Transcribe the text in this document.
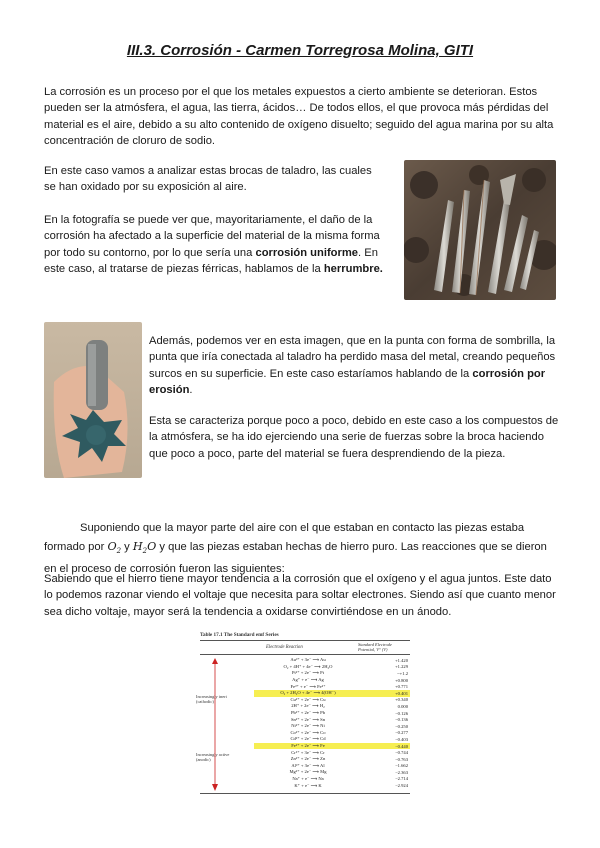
III.3. Corrosión - Carmen Torregrosa Molina, GITI
La corrosión es un proceso por el que los metales expuestos a cierto ambiente se deterioran. Estos pueden ser la atmósfera, el agua, las tierra, ácidos… De todos ellos, el que provoca más pérdidas del material es el aire, debido a su alto contenido de oxígeno disuelto; seguido del agua marina por su alta concentración de cloruro de sodio.
En este caso vamos a analizar estas brocas de taladro, las cuales se han oxidado por su exposición al aire.
En la fotografía se puede ver que, mayoritariamente, el daño de la corrosión ha afectado a la superficie del material de la misma forma por todo su contorno, por lo que sería una corrosión uniforme. En este caso, al tratarse de piezas férricas, hablamos de la herrumbre.
Además, podemos ver en esta imagen, que en la punta con forma de sombrilla, la punta que iría conectada al taladro ha perdido masa del metal, creando pequeños surcos en su superficie. En este caso estaríamos hablando de la corrosión por erosión.
Esta se caracteriza porque poco a poco, debido en este caso a los compuestos de la atmósfera, se ha ido ejerciendo una serie de fuerzas sobre la broca haciendo que poco a poco, parte del material se fuera desprendiendo de la pieza.
Suponiendo que la mayor parte del aire con el que estaban en contacto las piezas estaba formado por $O_2$ y $H_2O$ y que las piezas estaban hechas de hierro puro. Las reacciones que se dieron en el proceso de corrosión fueron las siguientes:
Sabiendo que el hierro tiene mayor tendencia a la corrosión que el oxígeno y el agua juntos. Este dato lo podemos razonar viendo el voltaje que necesita para soltar electrones. Siendo así que cuanto menor sea dicho voltaje, mayor será la tendencia a oxidarse convirtiéndose en un ánodo.
Table 17.1 The Standard emf Series
Electrode Reaction
Standard Electrode Potential, V° (V)
Increasingly inert (cathodic)
Increasingly active (anodic)
Au³⁺ + 3e⁻ ⟶ Au	+1.420
O₂ + 4H⁺ + 4e⁻ ⟶ 2H₂O	+1.229
Pt²⁺ + 2e⁻ ⟶ Pt	~+1.2
Ag⁺ + e⁻ ⟶ Ag	+0.800
Fe³⁺ + e⁻ ⟶ Fe²⁺	+0.771
O₂ + 2H₂O + 4e⁻ ⟶ 4(OH⁻)	+0.401
Cu²⁺ + 2e⁻ ⟶ Cu	+0.340
2H⁺ + 2e⁻ ⟶ H₂	0.000
Pb²⁺ + 2e⁻ ⟶ Pb	−0.126
Sn²⁺ + 2e⁻ ⟶ Sn	−0.136
Ni²⁺ + 2e⁻ ⟶ Ni	−0.250
Co²⁺ + 2e⁻ ⟶ Co	−0.277
Cd²⁺ + 2e⁻ ⟶ Cd	−0.403
Fe²⁺ + 2e⁻ ⟶ Fe	−0.440
Cr³⁺ + 3e⁻ ⟶ Cr	−0.744
Zn²⁺ + 2e⁻ ⟶ Zn	−0.763
Al³⁺ + 3e⁻ ⟶ Al	−1.662
Mg²⁺ + 2e⁻ ⟶ Mg	−2.363
Na⁺ + e⁻ ⟶ Na	−2.714
K⁺ + e⁻ ⟶ K	−2.924
